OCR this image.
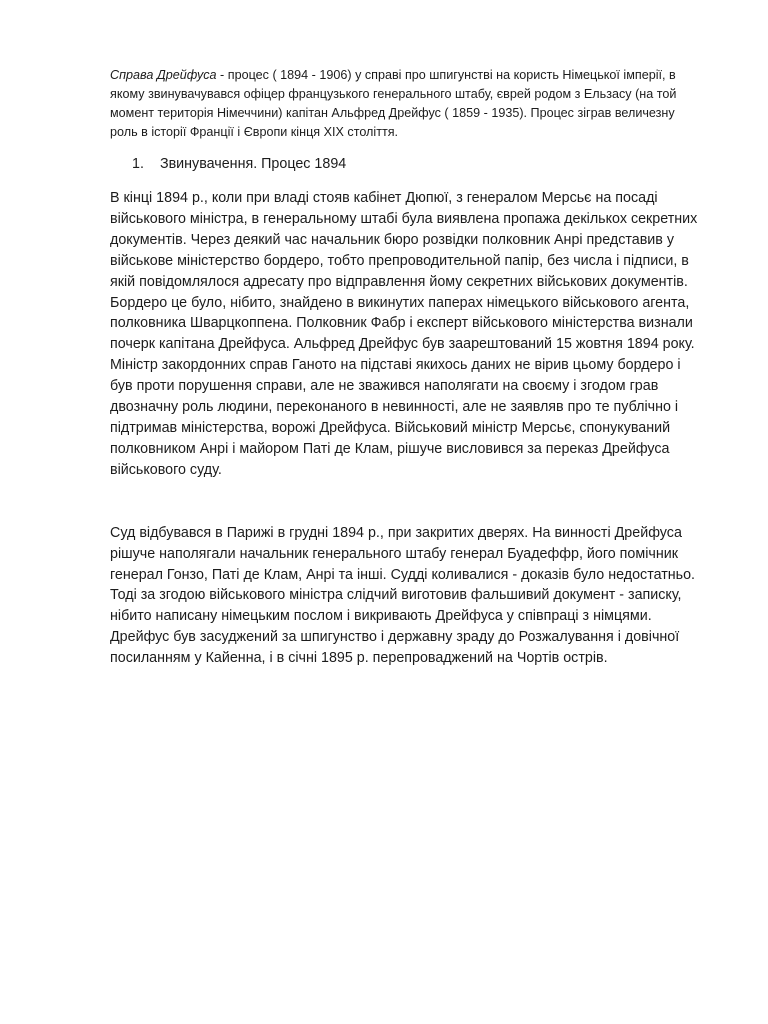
Справа Дрейфуса - процес ( 1894 - 1906) у справі про шпигунстві на користь Німецької імперії, в якому звинувачувався офіцер французького генерального штабу, єврей родом з Ельзасу (на той момент територія Німеччини) капітан Альфред Дрейфус ( 1859 - 1935). Процес зіграв величезну роль в історії Франції і Європи кінця XIX століття.

1. Звинувачення. Процес 1894

В кінці 1894 р., коли при владі стояв кабінет Дюпюї, з генералом Мерсьє на посаді військового міністра, в генеральному штабі була виявлена пропажа декількох секретних документів. Через деякий час начальник бюро розвідки полковник Анрі представив у військове міністерство бордеро, тобто препроводительной папір, без числа і підписи, в якій повідомлялося адресату про відправлення йому секретних військових документів. Бордеро це було, нібито, знайдено в викинутих паперах німецького військового агента, полковника Шварцкоппена. Полковник Фабр і експерт військового міністерства визнали почерк капітана Дрейфуса. Альфред Дрейфус був заарештований 15 жовтня 1894 року. Міністр закордонних справ Ганото на підставі якихось даних не вірив цьому бордеро і був проти порушення справи, але не зважився наполягати на своєму і згодом грав двозначну роль людини, переконаного в невинності, але не заявляв про те публічно і підтримав міністерства, ворожі Дрейфуса. Військовий міністр Мерсьє, спонукуваний полковником Анрі і майором Паті де Клам, рішуче висловився за переказ Дрейфуса військового суду.

Суд відбувався в Парижі в грудні 1894 р., при закритих дверях. На винності Дрейфуса рішуче наполягали начальник генерального штабу генерал Буадеффр, його помічник генерал Гонзо, Паті де Клам, Анрі та інші. Судді коливалися - доказів було недостатньо. Тоді за згодою військового міністра слідчий виготовив фальшивий документ - записку, нібито написану німецьким послом і викривають Дрейфуса у співпраці з німцями. Дрейфус був засуджений за шпигунство і державну зраду до Розжалування і довічної посиланням у Кайенна, і в січні 1895 р. перепроваджений на Чортів острів.
